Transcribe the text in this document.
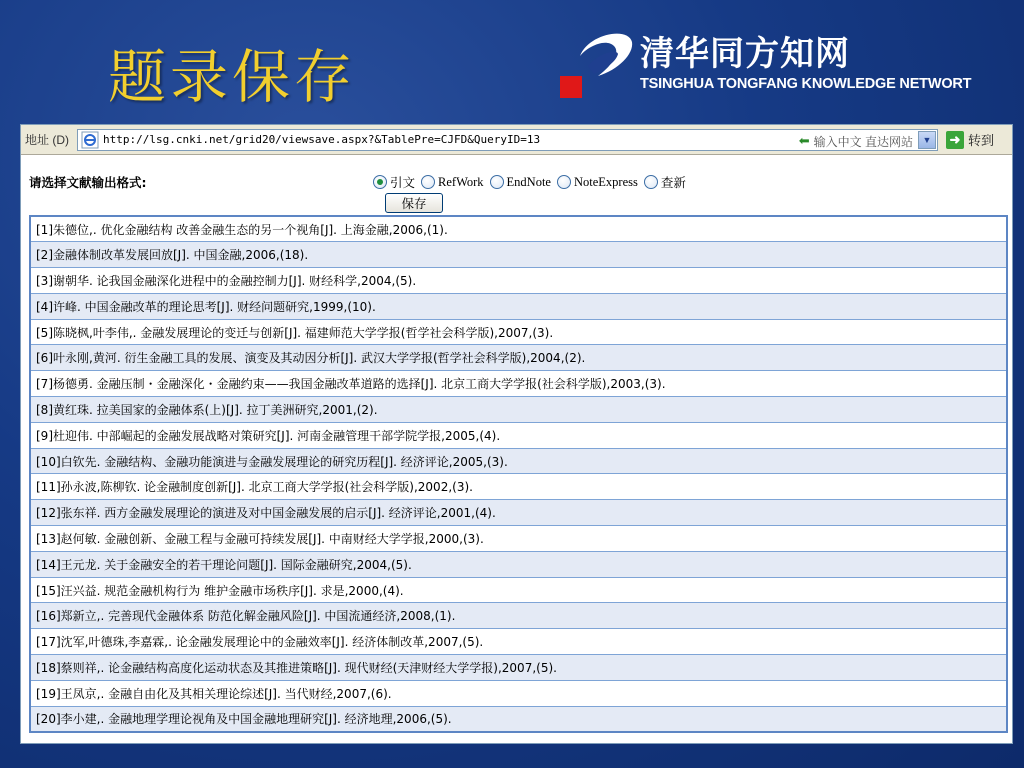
题录保存	清华同方知网
TSINGHUA TONGFANG KNOWLEDGE NETWORT
地址 (D)	http://lsg.cnki.net/grid20/viewsave.aspx?&TablePre=CJFD&QueryID=13	⬅ 输入中文 直达网站	▼	➜ 转到
请选择文献输出格式:	引文 RefWork EndNote NoteExpress 查新
保存
[1]朱德位,. 优化金融结构 改善金融生态的另一个视角[J]. 上海金融,2006,(1).
[2]金融体制改革发展回放[J]. 中国金融,2006,(18).
[3]谢朝华. 论我国金融深化进程中的金融控制力[J]. 财经科学,2004,(5).
[4]许峰. 中国金融改革的理论思考[J]. 财经问题研究,1999,(10).
[5]陈晓枫,叶李伟,. 金融发展理论的变迁与创新[J]. 福建师范大学学报(哲学社会科学版),2007,(3).
[6]叶永刚,黄河. 衍生金融工具的发展、演变及其动因分析[J]. 武汉大学学报(哲学社会科学版),2004,(2).
[7]杨德勇. 金融压制・金融深化・金融约束——我国金融改革道路的选择[J]. 北京工商大学学报(社会科学版),2003,(3).
[8]黄红珠. 拉美国家的金融体系(上)[J]. 拉丁美洲研究,2001,(2).
[9]杜迎伟. 中部崛起的金融发展战略对策研究[J]. 河南金融管理干部学院学报,2005,(4).
[10]白钦先. 金融结构、金融功能演进与金融发展理论的研究历程[J]. 经济评论,2005,(3).
[11]孙永波,陈柳钦. 论金融制度创新[J]. 北京工商大学学报(社会科学版),2002,(3).
[12]张东祥. 西方金融发展理论的演进及对中国金融发展的启示[J]. 经济评论,2001,(4).
[13]赵何敏. 金融创新、金融工程与金融可持续发展[J]. 中南财经大学学报,2000,(3).
[14]王元龙. 关于金融安全的若干理论问题[J]. 国际金融研究,2004,(5).
[15]汪兴益. 规范金融机构行为 维护金融市场秩序[J]. 求是,2000,(4).
[16]郑新立,. 完善现代金融体系 防范化解金融风险[J]. 中国流通经济,2008,(1).
[17]沈军,叶德珠,李嘉霖,. 论金融发展理论中的金融效率[J]. 经济体制改革,2007,(5).
[18]蔡则祥,. 论金融结构高度化运动状态及其推进策略[J]. 现代财经(天津财经大学学报),2007,(5).
[19]王凤京,. 金融自由化及其相关理论综述[J]. 当代财经,2007,(6).
[20]李小建,. 金融地理学理论视角及中国金融地理研究[J]. 经济地理,2006,(5).
